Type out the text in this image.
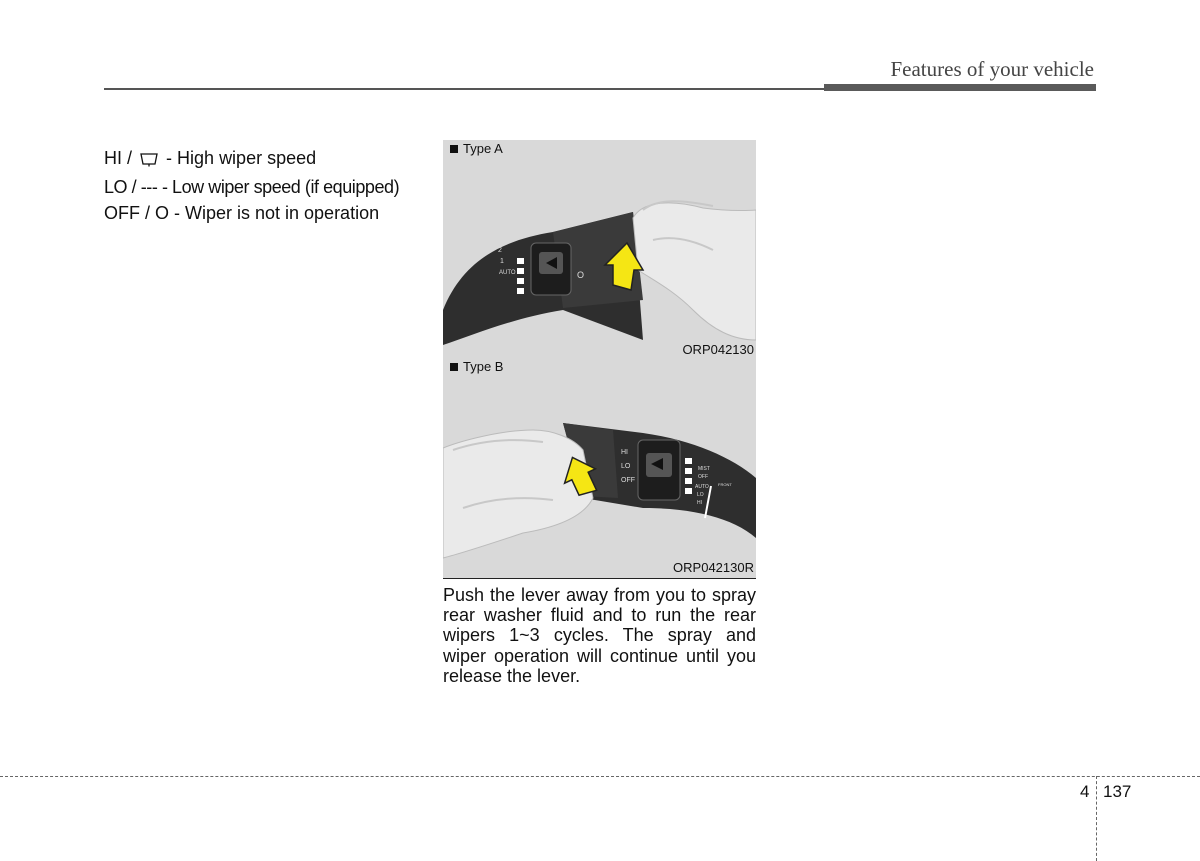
Features of your vehicle
HI / - High wiper speed
LO / --- - Low wiper speed (if equipped)
OFF / O - Wiper is not in operation
2
1
AUTO	O
Type A
ORP042130
HI
LO
OFF
MIST
OFF
AUTO
LO
HI
FRONT
Type B
ORP042130R
Push the lever away from you to spray rear washer fluid and to run the rear wipers 1~3 cycles. The spray and wiper operation will continue until you release the lever.
4 137
